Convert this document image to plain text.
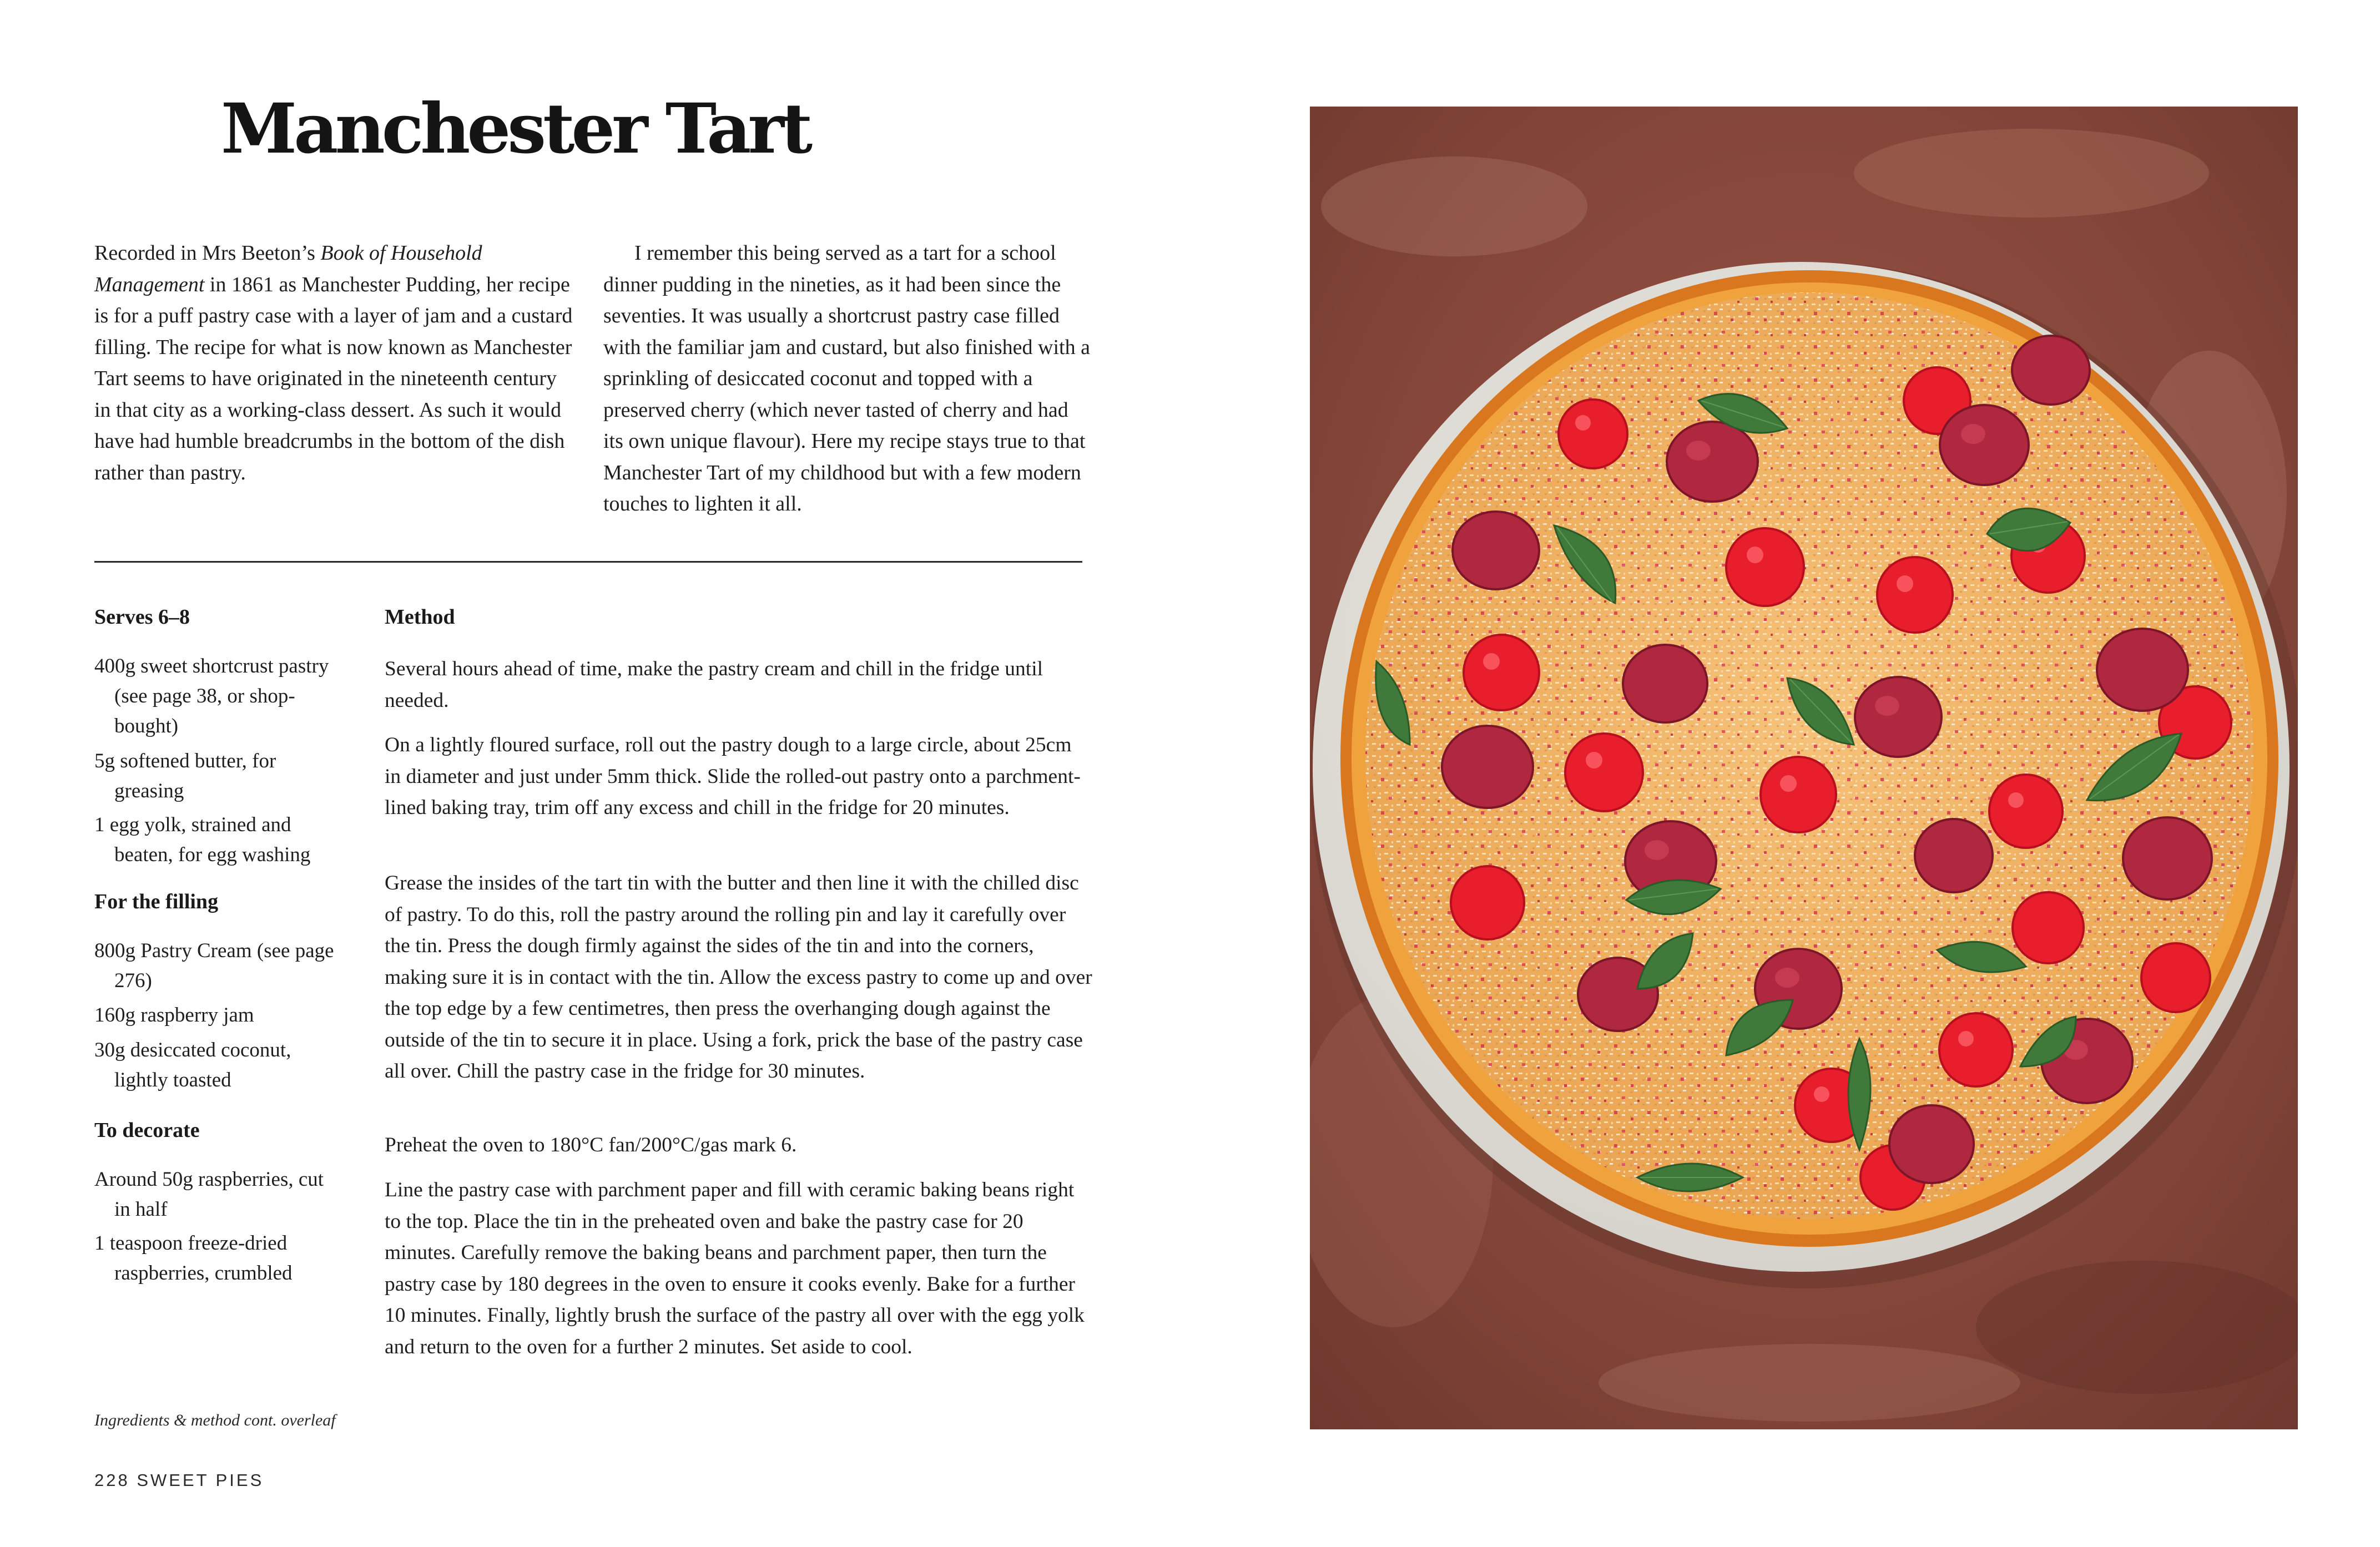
Manchester Tart

Recorded in Mrs Beeton’s Book of Household Management in 1861 as Manchester Pudding, her recipe is for a puff pastry case with a layer of jam and a custard filling. The recipe for what is now known as Manchester Tart seems to have originated in the nineteenth century in that city as a working-class dessert. As such it would have had humble breadcrumbs in the bottom of the dish rather than pastry.

I remember this being served as a tart for a school dinner pudding in the nineties, as it had been since the seventies. It was usually a shortcrust pastry case filled with the familiar jam and custard, but also finished with a sprinkling of desiccated coconut and topped with a preserved cherry (which never tasted of cherry and had its own unique flavour). Here my recipe stays true to that Manchester Tart of my childhood but with a few modern touches to lighten it all.

Serves 6–8
400g sweet shortcrust pastry (see page 38, or shop-bought)
5g softened butter, for greasing
1 egg yolk, strained and beaten, for egg washing
For the filling
800g Pastry Cream (see page 276)
160g raspberry jam
30g desiccated coconut, lightly toasted
To decorate
Around 50g raspberries, cut in half
1 teaspoon freeze-dried raspberries, crumbled
Method
Several hours ahead of time, make the pastry cream and chill in the fridge until needed.
On a lightly floured surface, roll out the pastry dough to a large circle, about 25cm in diameter and just under 5mm thick. Slide the rolled-out pastry onto a parchment-lined baking tray, trim off any excess and chill in the fridge for 20 minutes.
Grease the insides of the tart tin with the butter and then line it with the chilled disc of pastry. To do this, roll the pastry around the rolling pin and lay it carefully over the tin. Press the dough firmly against the sides of the tin and into the corners, making sure it is in contact with the tin. Allow the excess pastry to come up and over the top edge by a few centimetres, then press the overhanging dough against the outside of the tin to secure it in place. Using a fork, prick the base of the pastry case all over. Chill the pastry case in the fridge for 30 minutes.
Preheat the oven to 180°C fan/200°C/gas mark 6.
Line the pastry case with parchment paper and fill with ceramic baking beans right to the top. Place the tin in the preheated oven and bake the pastry case for 20 minutes. Carefully remove the baking beans and parchment paper, then turn the pastry case by 180 degrees in the oven to ensure it cooks evenly. Bake for a further 10 minutes. Finally, lightly brush the surface of the pastry all over with the egg yolk and return to the oven for a further 2 minutes. Set aside to cool.
Ingredients & method cont. overleaf
228 SWEET PIES
